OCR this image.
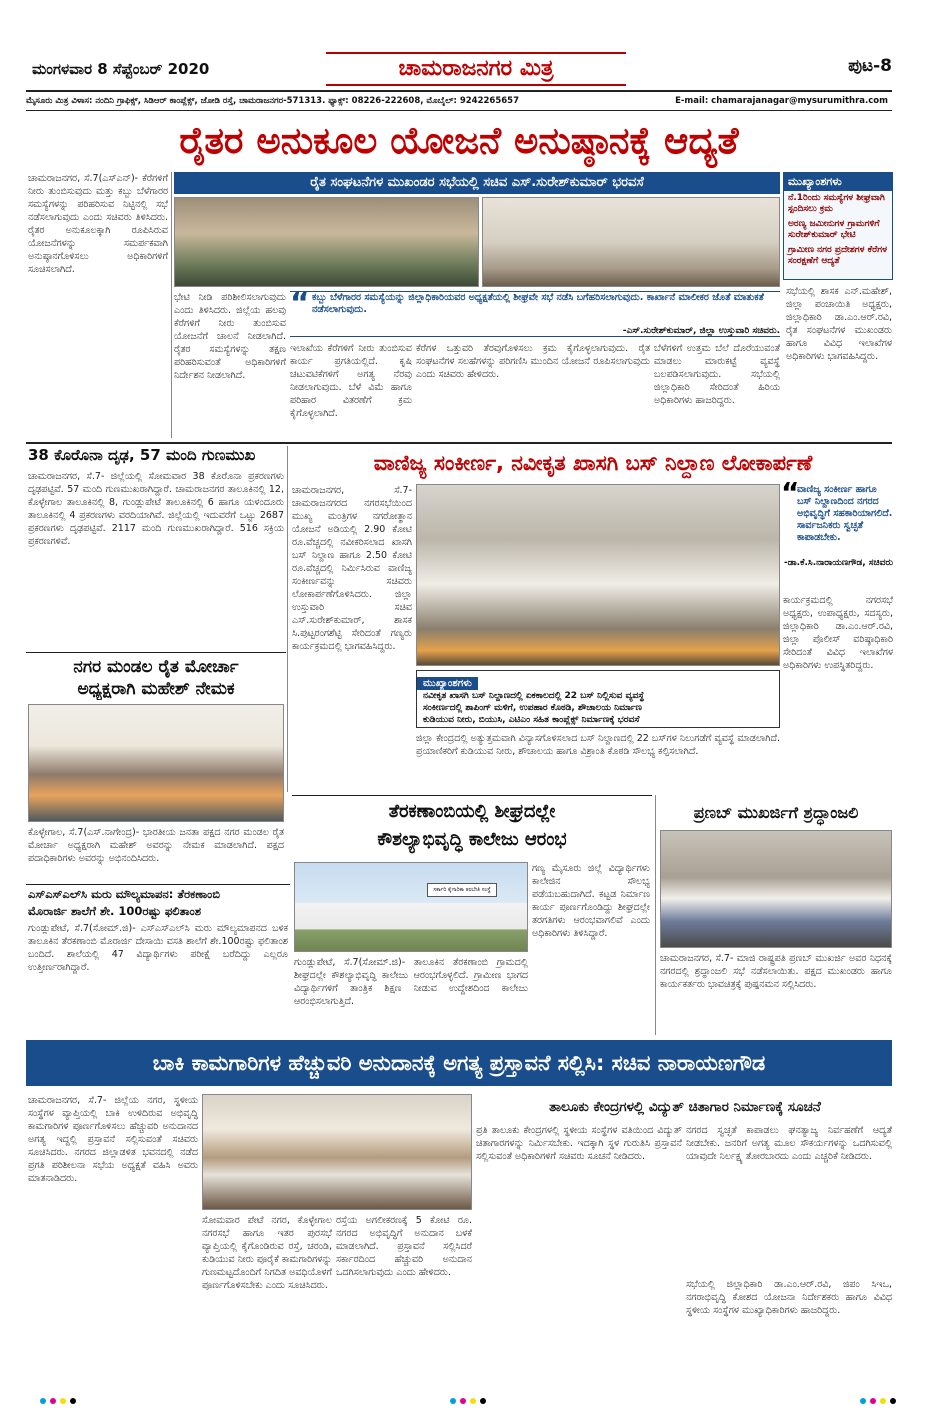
ಮಂಗಳವಾರ 8 ಸೆಪ್ಟೆಂಬರ್ 2020	ಚಾಮರಾಜನಗರ ಮಿತ್ರ	ಪುಟ-8
ಮೈಸೂರು ಮಿತ್ರ ವಿಳಾಸ: ನಂದಿನಿ ಗ್ರಾಫಿಕ್ಸ್, ಸಿಡಿಆರ್ ಕಾಂಪ್ಲೆಕ್ಸ್, ಜೋಡಿ ರಸ್ತೆ, ಚಾಮರಾಜನಗರ-571313. ಫ್ಯಾಕ್ಸ್: 08226-222608, ಮೊಬೈಲ್: 9242265657	E-mail: chamarajanagar@mysurumithra.com
ರೈತರ ಅನುಕೂಲ ಯೋಜನೆ ಅನುಷ್ಠಾನಕ್ಕೆ ಆದ್ಯತೆ
ಚಾಮರಾಜನಗರ, ಸೆ.7(ಎಸ್‌ಎನ್)- ಕೆರೆಗಳಿಗೆ ನೀರು ತುಂಬಿಸುವುದು ಮತ್ತು ಕಬ್ಬು ಬೆಳೆಗಾರರ ಸಮಸ್ಯೆಗಳನ್ನು ಪರಿಹರಿಸುವ ನಿಟ್ಟಿನಲ್ಲಿ ಸಭೆ ನಡೆಸಲಾಗುವುದು ಎಂದು ಸಚಿವರು ತಿಳಿಸಿದರು. ರೈತರ ಅನುಕೂಲಕ್ಕಾಗಿ ರೂಪಿಸಿರುವ ಯೋಜನೆಗಳನ್ನು ಸಮರ್ಪಕವಾಗಿ ಅನುಷ್ಠಾನಗೊಳಿಸಲು ಅಧಿಕಾರಿಗಳಿಗೆ ಸೂಚಿಸಲಾಗಿದೆ.
ರೈತ ಸಂಘಟನೆಗಳ ಮುಖಂಡರ ಸಭೆಯಲ್ಲಿ ಸಚಿವ ಎಸ್.ಸುರೇಶ್‌ಕುಮಾರ್ ಭರವಸೆ	ಮುಖ್ಯಾಂಶಗಳು
ನೆ.1ರಿಂದು ಸಮಸ್ಯೆಗಳ ಶೀಘ್ರವಾಗಿ ಸ್ಪಂದಿಸಲು ಕ್ರಮ
ಅರಣ್ಯ ಜಮೀನುಗಳ ಗ್ರಾಮಗಳಿಗೆ ಸುರೇಶ್‌ಕುಮಾರ್ ಭೇಟಿ
ಗ್ರಾಮೀಣ ನಗರ ಪ್ರದೇಶಗಳ ಕೆರೆಗಳ ಸಂರಕ್ಷಣೆಗೆ ಆದ್ಯತೆ
ಸಭೆಯಲ್ಲಿ ಶಾಸಕ ಎನ್.ಮಹೇಶ್, ಜಿಲ್ಲಾ ಪಂಚಾಯಿತಿ ಅಧ್ಯಕ್ಷರು, ಜಿಲ್ಲಾಧಿಕಾರಿ ಡಾ.ಎಂ.ಆರ್.ರವಿ, ರೈತ ಸಂಘಟನೆಗಳ ಮುಖಂಡರು ಹಾಗೂ ವಿವಿಧ ಇಲಾಖೆಗಳ ಅಧಿಕಾರಿಗಳು ಭಾಗವಹಿಸಿದ್ದರು.
“ ಕಬ್ಬು ಬೆಳೆಗಾರರ ಸಮಸ್ಯೆಯನ್ನು ಜಿಲ್ಲಾಧಿಕಾರಿಯವರ ಅಧ್ಯಕ್ಷತೆಯಲ್ಲಿ ಶೀಘ್ರವೇ ಸಭೆ ನಡೆಸಿ ಬಗೆಹರಿಸಲಾಗುವುದು. ಕಾರ್ಖಾನೆ ಮಾಲೀಕರ ಜೊತೆ ಮಾತುಕತೆ ನಡೆಸಲಾಗುವುದು.
-ಎಸ್.ಸುರೇಶ್‌ಕುಮಾರ್, ಜಿಲ್ಲಾ ಉಸ್ತುವಾರಿ ಸಚಿವರು.
ಭೇಟಿ ನೀಡಿ ಪರಿಶೀಲಿಸಲಾಗುವುದು ಎಂದು ತಿಳಿಸಿದರು. ಜಿಲ್ಲೆಯ ಹಲವು ಕೆರೆಗಳಿಗೆ ನೀರು ತುಂಬಿಸುವ ಯೋಜನೆಗೆ ಚಾಲನೆ ನೀಡಲಾಗಿದೆ. ರೈತರ ಸಮಸ್ಯೆಗಳನ್ನು ತಕ್ಷಣ ಪರಿಹರಿಸುವಂತೆ ಅಧಿಕಾರಿಗಳಿಗೆ ನಿರ್ದೇಶನ ನೀಡಲಾಗಿದೆ.
ಇಲಾಖೆಯ ಕೆರೆಗಳಿಗೆ ನೀರು ತುಂಬಿಸುವ ಕಾರ್ಯ ಪ್ರಗತಿಯಲ್ಲಿದೆ. ಕೃಷಿ ಚಟುವಟಿಕೆಗಳಿಗೆ ಅಗತ್ಯ ನೆರವು ನೀಡಲಾಗುವುದು. ಬೆಳೆ ವಿಮೆ ಹಾಗೂ ಪರಿಹಾರ ವಿತರಣೆಗೆ ಕ್ರಮ ಕೈಗೊಳ್ಳಲಾಗಿದೆ.
ಕೆರೆಗಳ ಒತ್ತುವರಿ ತೆರವುಗೊಳಿಸಲು ಕ್ರಮ ಕೈಗೊಳ್ಳಲಾಗುವುದು. ರೈತ ಸಂಘಟನೆಗಳ ಸಲಹೆಗಳನ್ನು ಪರಿಗಣಿಸಿ ಮುಂದಿನ ಯೋಜನೆ ರೂಪಿಸಲಾಗುವುದು ಎಂದು ಸಚಿವರು ಹೇಳಿದರು.
ಬೆಳೆಗಳಿಗೆ ಉತ್ತಮ ಬೆಲೆ ದೊರೆಯುವಂತೆ ಮಾಡಲು ಮಾರುಕಟ್ಟೆ ವ್ಯವಸ್ಥೆ ಬಲಪಡಿಸಲಾಗುವುದು. ಸಭೆಯಲ್ಲಿ ಜಿಲ್ಲಾಧಿಕಾರಿ ಸೇರಿದಂತೆ ಹಿರಿಯ ಅಧಿಕಾರಿಗಳು ಹಾಜರಿದ್ದರು.
38 ಕೊರೊನಾ ದೃಢ, 57 ಮಂದಿ ಗುಣಮುಖ
ಚಾಮರಾಜನಗರ, ಸೆ.7- ಜಿಲ್ಲೆಯಲ್ಲಿ ಸೋಮವಾರ 38 ಕೊರೊನಾ ಪ್ರಕರಣಗಳು ದೃಢಪಟ್ಟಿವೆ. 57 ಮಂದಿ ಗುಣಮುಖರಾಗಿದ್ದಾರೆ. ಚಾಮರಾಜನಗರ ತಾಲೂಕಿನಲ್ಲಿ 12, ಕೊಳ್ಳೇಗಾಲ ತಾಲೂಕಿನಲ್ಲಿ 8, ಗುಂಡ್ಲುಪೇಟೆ ತಾಲೂಕಿನಲ್ಲಿ 6 ಹಾಗೂ ಯಳಂದೂರು ತಾಲೂಕಿನಲ್ಲಿ 4 ಪ್ರಕರಣಗಳು ವರದಿಯಾಗಿವೆ. ಜಿಲ್ಲೆಯಲ್ಲಿ ಇದುವರೆಗೆ ಒಟ್ಟು 2687 ಪ್ರಕರಣಗಳು ದೃಢಪಟ್ಟಿವೆ. 2117 ಮಂದಿ ಗುಣಮುಖರಾಗಿದ್ದಾರೆ. 516 ಸಕ್ರಿಯ ಪ್ರಕರಣಗಳಿವೆ.
ವಾಣಿಜ್ಯ ಸಂಕೀರ್ಣ, ನವೀಕೃತ ಖಾಸಗಿ ಬಸ್ ನಿಲ್ದಾಣ ಲೋಕಾರ್ಪಣೆ
ಚಾಮರಾಜನಗರ, ಸೆ.7- ಚಾಮರಾಜನಗರದ ನಗರಸಭೆಯಿಂದ ಮುಖ್ಯ ಮಂತ್ರಿಗಳ ನಗರೋತ್ಥಾನ ಯೋಜನೆ ಅಡಿಯಲ್ಲಿ 2.90 ಕೋಟಿ ರೂ.ವೆಚ್ಚದಲ್ಲಿ ನವೀಕರಿಸಲಾದ ಖಾಸಗಿ ಬಸ್ ನಿಲ್ದಾಣ ಹಾಗೂ 2.50 ಕೋಟಿ ರೂ.ವೆಚ್ಚದಲ್ಲಿ ನಿರ್ಮಿಸಿರುವ ವಾಣಿಜ್ಯ ಸಂಕೀರ್ಣವನ್ನು ಸಚಿವರು ಲೋಕಾರ್ಪಣೆಗೊಳಿಸಿದರು. ಜಿಲ್ಲಾ ಉಸ್ತುವಾರಿ ಸಚಿವ ಎಸ್.ಸುರೇಶ್‌ಕುಮಾರ್, ಶಾಸಕ ಸಿ.ಪುಟ್ಟರಂಗಶೆಟ್ಟಿ ಸೇರಿದಂತೆ ಗಣ್ಯರು ಕಾರ್ಯಕ್ರಮದಲ್ಲಿ ಭಾಗವಹಿಸಿದ್ದರು.
“
ವಾಣಿಜ್ಯ ಸಂಕೀರ್ಣ ಹಾಗೂ ಬಸ್ ನಿಲ್ದಾಣದಿಂದ ನಗರದ ಅಭಿವೃದ್ಧಿಗೆ ಸಹಕಾರಿಯಾಗಲಿದೆ. ಸಾರ್ವಜನಿಕರು ಸ್ವಚ್ಛತೆ ಕಾಪಾಡಬೇಕು.
-ಡಾ.ಕೆ.ಸಿ.ನಾರಾಯಣಗೌಡ, ಸಚಿವರು
ಕಾರ್ಯಕ್ರಮದಲ್ಲಿ ನಗರಸಭೆ ಅಧ್ಯಕ್ಷರು, ಉಪಾಧ್ಯಕ್ಷರು, ಸದಸ್ಯರು, ಜಿಲ್ಲಾಧಿಕಾರಿ ಡಾ.ಎಂ.ಆರ್.ರವಿ, ಜಿಲ್ಲಾ ಪೊಲೀಸ್ ವರಿಷ್ಠಾಧಿಕಾರಿ ಸೇರಿದಂತೆ ವಿವಿಧ ಇಲಾಖೆಗಳ ಅಧಿಕಾರಿಗಳು ಉಪಸ್ಥಿತರಿದ್ದರು.
ಮುಖ್ಯಾಂಶಗಳು
ನವೀಕೃತ ಖಾಸಗಿ ಬಸ್ ನಿಲ್ದಾಣದಲ್ಲಿ ಏಕಕಾಲದಲ್ಲಿ 22 ಬಸ್ ನಿಲ್ಲಿಸುವ ವ್ಯವಸ್ಥೆ
ಸಂಕೀರ್ಣದಲ್ಲಿ ಶಾಪಿಂಗ್ ಮಳಿಗೆ, ಉಪಹಾರ ಕೊಠಡಿ, ಶೌಚಾಲಯ ನಿರ್ಮಾಣ
ಕುಡಿಯುವ ನೀರು, ಬಿಯುಸಿ, ಎಟಿಎಂ ಸಹಿತ ಕಾಂಪ್ಲೆಕ್ಸ್ ನಿರ್ಮಾಣಕ್ಕೆ ಭರವಸೆ
ಜಿಲ್ಲಾ ಕೇಂದ್ರದಲ್ಲಿ ಅತ್ಯುತ್ತಮವಾಗಿ ವಿನ್ಯಾಸಗೊಳಿಸಲಾದ ಬಸ್ ನಿಲ್ದಾಣದಲ್ಲಿ 22 ಬಸ್‌ಗಳ ನಿಲುಗಡೆಗೆ ವ್ಯವಸ್ಥೆ ಮಾಡಲಾಗಿದೆ. ಪ್ರಯಾಣಿಕರಿಗೆ ಕುಡಿಯುವ ನೀರು, ಶೌಚಾಲಯ ಹಾಗೂ ವಿಶ್ರಾಂತಿ ಕೊಠಡಿ ಸೌಲಭ್ಯ ಕಲ್ಪಿಸಲಾಗಿದೆ.
ನಗರ ಮಂಡಲ ರೈತ ಮೋರ್ಚಾ
ಅಧ್ಯಕ್ಷರಾಗಿ ಮಹೇಶ್ ನೇಮಕ
ಕೊಳ್ಳೇಗಾಲ, ಸೆ.7(ಎಸ್.ನಾಗೇಂದ್ರ)- ಭಾರತೀಯ ಜನತಾ ಪಕ್ಷದ ನಗರ ಮಂಡಲ ರೈತ ಮೋರ್ಚಾ ಅಧ್ಯಕ್ಷರಾಗಿ ಮಹೇಶ್ ಅವರನ್ನು ನೇಮಕ ಮಾಡಲಾಗಿದೆ. ಪಕ್ಷದ ಪದಾಧಿಕಾರಿಗಳು ಅವರನ್ನು ಅಭಿನಂದಿಸಿದರು.
ಎಸ್‌ಎಸ್‌ಎಲ್‌ಸಿ ಮರು ಮೌಲ್ಯಮಾಪನ: ತೆರಕಣಾಂಬಿ
ಮೊರಾರ್ಜಿ ಶಾಲೆಗೆ ಶೇ. 100ರಷ್ಟು ಫಲಿತಾಂಶ
ಗುಂಡ್ಲುಪೇಟೆ, ಸೆ.7(ಸೋಮ್.ಜಿ)- ಎಸ್‌ಎಸ್‌ಎಲ್‌ಸಿ ಮರು ಮೌಲ್ಯಮಾಪನದ ಬಳಿಕ ತಾಲೂಕಿನ ತೆರಕಣಾಂಬಿ ಮೊರಾರ್ಜಿ ದೇಸಾಯಿ ವಸತಿ ಶಾಲೆಗೆ ಶೇ.100ರಷ್ಟು ಫಲಿತಾಂಶ ಬಂದಿದೆ. ಶಾಲೆಯಲ್ಲಿ 47 ವಿದ್ಯಾರ್ಥಿಗಳು ಪರೀಕ್ಷೆ ಬರೆದಿದ್ದು ಎಲ್ಲರೂ ಉತ್ತೀರ್ಣರಾಗಿದ್ದಾರೆ.
ತೆರಕಣಾಂಬಿಯಲ್ಲಿ ಶೀಘ್ರದಲ್ಲೇ
ಕೌಶಲ್ಯಾಭಿವೃದ್ಧಿ ಕಾಲೇಜು ಆರಂಭ
ಸರ್ಕಾರಿ ಕೈಗಾರಿಕಾ ತರಬೇತಿ ಸಂಸ್ಥೆ
ಗುಂಡ್ಲುಪೇಟೆ, ಸೆ.7(ಸೋಮ್.ಜಿ)- ತಾಲೂಕಿನ ತೆರಕಣಾಂಬಿ ಗ್ರಾಮದಲ್ಲಿ ಶೀಘ್ರದಲ್ಲೇ ಕೌಶಲ್ಯಾಭಿವೃದ್ಧಿ ಕಾಲೇಜು ಆರಂಭಗೊಳ್ಳಲಿದೆ. ಗ್ರಾಮೀಣ ಭಾಗದ ವಿದ್ಯಾರ್ಥಿಗಳಿಗೆ ತಾಂತ್ರಿಕ ಶಿಕ್ಷಣ ನೀಡುವ ಉದ್ದೇಶದಿಂದ ಕಾಲೇಜು ಆರಂಭಿಸಲಾಗುತ್ತಿದೆ.
ಗಣ್ಯ ಮೈಸೂರು ಜಿಲ್ಲೆ ವಿದ್ಯಾರ್ಥಿಗಳು ಕಾಲೇಜಿನ ಸೌಲಭ್ಯ ಪಡೆಯಬಹುದಾಗಿದೆ. ಕಟ್ಟಡ ನಿರ್ಮಾಣ ಕಾರ್ಯ ಪೂರ್ಣಗೊಂಡಿದ್ದು ಶೀಘ್ರದಲ್ಲೇ ತರಗತಿಗಳು ಆರಂಭವಾಗಲಿವೆ ಎಂದು ಅಧಿಕಾರಿಗಳು ತಿಳಿಸಿದ್ದಾರೆ.
ಪ್ರಣಬ್ ಮುಖರ್ಜಿಗೆ ಶ್ರದ್ಧಾಂಜಲಿ
ಚಾಮರಾಜನಗರ, ಸೆ.7- ಮಾಜಿ ರಾಷ್ಟ್ರಪತಿ ಪ್ರಣಬ್ ಮುಖರ್ಜಿ ಅವರ ನಿಧನಕ್ಕೆ ನಗರದಲ್ಲಿ ಶ್ರದ್ಧಾಂಜಲಿ ಸಭೆ ನಡೆಸಲಾಯಿತು. ಪಕ್ಷದ ಮುಖಂಡರು ಹಾಗೂ ಕಾರ್ಯಕರ್ತರು ಭಾವಚಿತ್ರಕ್ಕೆ ಪುಷ್ಪನಮನ ಸಲ್ಲಿಸಿದರು.
ಬಾಕಿ ಕಾಮಗಾರಿಗಳ ಹೆಚ್ಚುವರಿ ಅನುದಾನಕ್ಕೆ ಅಗತ್ಯ ಪ್ರಸ್ತಾವನೆ ಸಲ್ಲಿಸಿ: ಸಚಿವ ನಾರಾಯಣಗೌಡ
ಚಾಮರಾಜನಗರ, ಸೆ.7- ಜಿಲ್ಲೆಯ ನಗರ, ಸ್ಥಳೀಯ ಸಂಸ್ಥೆಗಳ ವ್ಯಾಪ್ತಿಯಲ್ಲಿ ಬಾಕಿ ಉಳಿದಿರುವ ಅಭಿವೃದ್ಧಿ ಕಾಮಗಾರಿಗಳ ಪೂರ್ಣಗೊಳಿಸಲು ಹೆಚ್ಚುವರಿ ಅನುದಾನದ ಅಗತ್ಯ ಇದ್ದಲ್ಲಿ ಪ್ರಸ್ತಾವನೆ ಸಲ್ಲಿಸುವಂತೆ ಸಚಿವರು ಸೂಚಿಸಿದರು. ನಗರದ ಜಿಲ್ಲಾಡಳಿತ ಭವನದಲ್ಲಿ ನಡೆದ ಪ್ರಗತಿ ಪರಿಶೀಲನಾ ಸಭೆಯ ಅಧ್ಯಕ್ಷತೆ ವಹಿಸಿ ಅವರು ಮಾತನಾಡಿದರು.
ಸೋಮವಾರ ಪೇಟೆ ನಗರ, ಕೊಳ್ಳೇಗಾಲ ನಗರಸಭೆ ಹಾಗೂ ಇತರ ಪುರಸಭೆ ವ್ಯಾಪ್ತಿಯಲ್ಲಿ ಕೈಗೊಂಡಿರುವ ರಸ್ತೆ, ಚರಂಡಿ, ಕುಡಿಯುವ ನೀರು ಪೂರೈಕೆ ಕಾಮಗಾರಿಗಳನ್ನು ಗುಣಮಟ್ಟದೊಂದಿಗೆ ನಿಗದಿತ ಅವಧಿಯೊಳಗೆ ಪೂರ್ಣಗೊಳಿಸಬೇಕು ಎಂದು ಸೂಚಿಸಿದರು.
ರಸ್ತೆಯ ಅಗಲೀಕರಣಕ್ಕೆ 5 ಕೋಟಿ ರೂ. ನಗರದ ಅಭಿವೃದ್ಧಿಗೆ ಅನುದಾನ ಬಳಕೆ ಮಾಡಲಾಗಿದೆ. ಪ್ರಸ್ತಾವನೆ ಸಲ್ಲಿಸಿದರೆ ಸರ್ಕಾರದಿಂದ ಹೆಚ್ಚುವರಿ ಅನುದಾನ ಒದಗಿಸಲಾಗುವುದು ಎಂದು ಹೇಳಿದರು.
ತಾಲೂಕು ಕೇಂದ್ರಗಳಲ್ಲಿ ವಿದ್ಯುತ್ ಚಿತಾಗಾರ ನಿರ್ಮಾಣಕ್ಕೆ ಸೂಚನೆ
ಪ್ರತಿ ತಾಲೂಕು ಕೇಂದ್ರಗಳಲ್ಲಿ ಸ್ಥಳೀಯ ಸಂಸ್ಥೆಗಳ ವತಿಯಿಂದ ವಿದ್ಯುತ್ ಚಿತಾಗಾರಗಳನ್ನು ನಿರ್ಮಿಸಬೇಕು. ಇದಕ್ಕಾಗಿ ಸ್ಥಳ ಗುರುತಿಸಿ ಪ್ರಸ್ತಾವನೆ ಸಲ್ಲಿಸುವಂತೆ ಅಧಿಕಾರಿಗಳಿಗೆ ಸಚಿವರು ಸೂಚನೆ ನೀಡಿದರು.
ನಗರದ ಸ್ವಚ್ಛತೆ ಕಾಪಾಡಲು ಘನತ್ಯಾಜ್ಯ ನಿರ್ವಹಣೆಗೆ ಆದ್ಯತೆ ನೀಡಬೇಕು. ಜನರಿಗೆ ಅಗತ್ಯ ಮೂಲ ಸೌಕರ್ಯಗಳನ್ನು ಒದಗಿಸುವಲ್ಲಿ ಯಾವುದೇ ನಿರ್ಲಕ್ಷ್ಯ ತೋರಬಾರದು ಎಂದು ಎಚ್ಚರಿಕೆ ನೀಡಿದರು.
ಸಭೆಯಲ್ಲಿ ಜಿಲ್ಲಾಧಿಕಾರಿ ಡಾ.ಎಂ.ಆರ್.ರವಿ, ಜಿಪಂ ಸಿಇಒ, ನಗರಾಭಿವೃದ್ಧಿ ಕೋಶದ ಯೋಜನಾ ನಿರ್ದೇಶಕರು ಹಾಗೂ ವಿವಿಧ ಸ್ಥಳೀಯ ಸಂಸ್ಥೆಗಳ ಮುಖ್ಯಾಧಿಕಾರಿಗಳು ಹಾಜರಿದ್ದರು.
